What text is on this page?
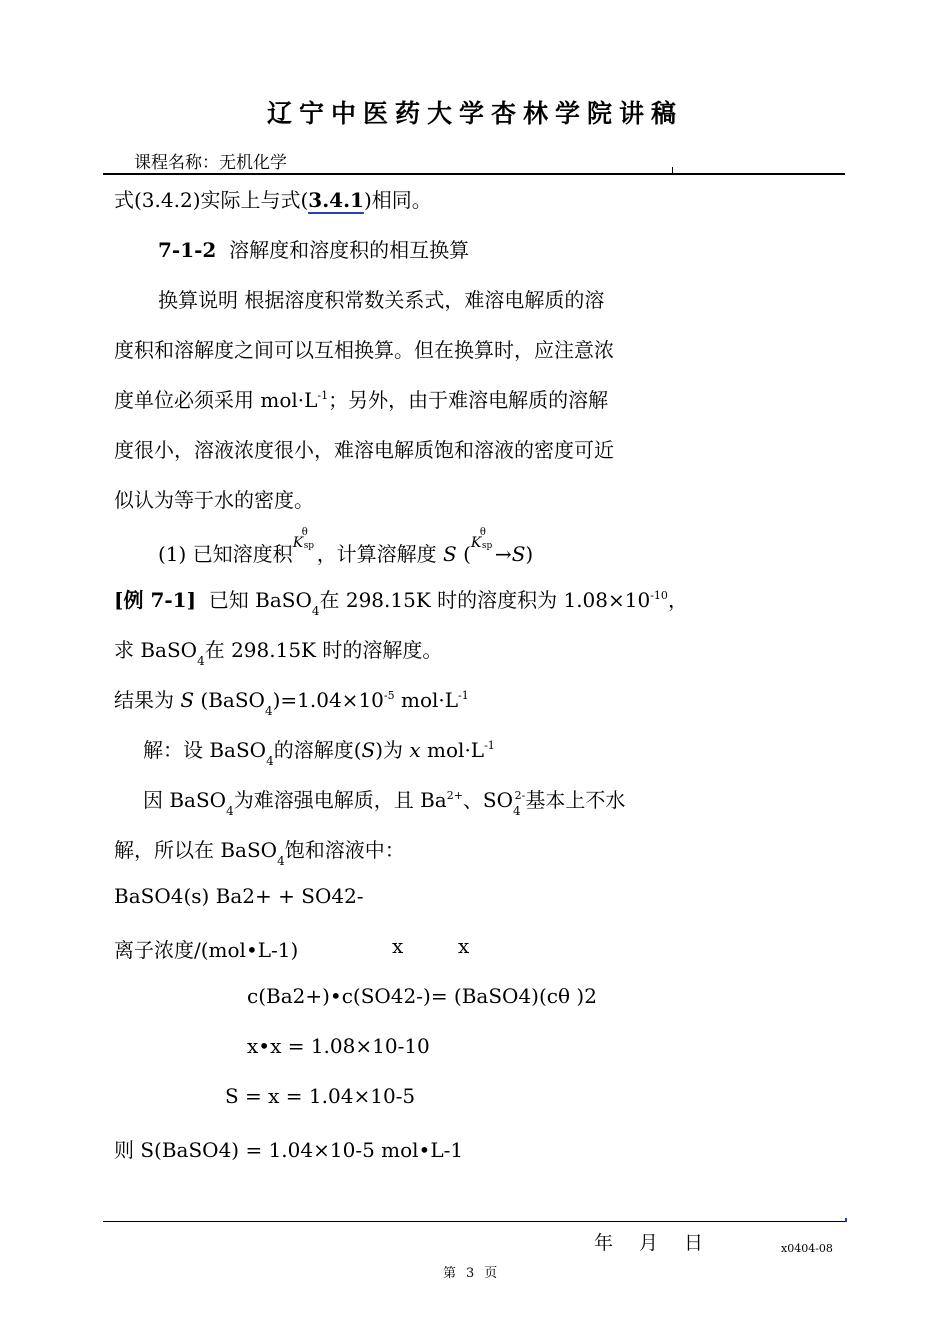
辽宁中医药大学杏林学院讲稿
课程名称：无机化学
式(3.4.2)实际上与式(3.4.1)相同。
7-1-2 溶解度和溶度积的相互换算
换算说明 根据溶度积常数关系式，难溶电解质的溶
度积和溶解度之间可以互相换算。但在换算时，应注意浓
度单位必须采用 $mol\cdot L^{-1}$；另外，由于难溶电解质的溶解
度很小，溶液浓度很小，难溶电解质饱和溶液的密度可近
似认为等于水的密度。
(1) 已知溶度积 K
θ
sp ，计算溶解度 S ( K
θ
sp →S)
[例 7-1] 已知 BaSO$_4$在 298.15K 时的溶度积为 $1.08\times 10^{-10}$，
求 BaSO$_4$在 298.15K 时的溶解度。
结果为 S $(BaSO_4)=1.04\times 10^{-5}$ $mol\cdot L^{-1}$
解：设 BaSO$_4$的溶解度(S)为 x $mol\cdot L^{-1}$
因 BaSO$_4$为难溶强电解质，且 $Ba^{2+}$、$SO_4^{2-}$基本上不水
解，所以在 BaSO$_4$饱和溶液中：
BaSO4(s) Ba2+ + SO42-
离子浓度/(mol•L-1)	x	x
c(Ba2+)•c(SO42-)= (BaSO4)(cθ )2
x•x = 1.08×10-10
S = x = 1.04×10-5
则 S(BaSO4) = 1.04×10-5 mol•L-1
年 月 日	x0404-08
第 3 页
